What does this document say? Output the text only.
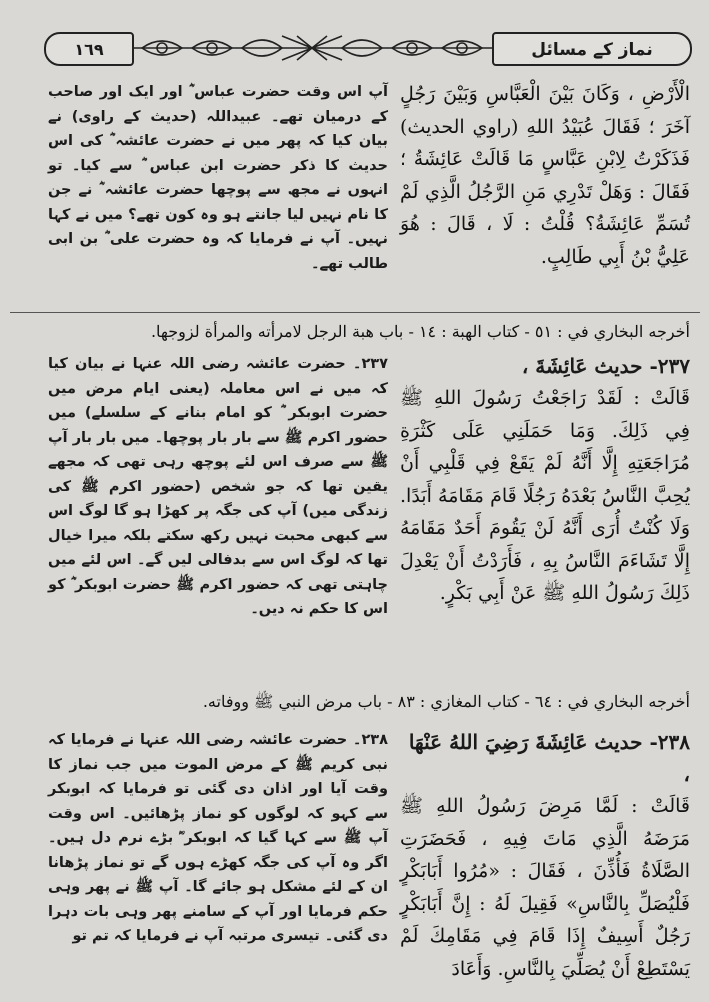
١٦٩	نماز کے مسائل
الْأَرْضِ ، وَكَانَ بَيْنَ الْعَبَّاسِ وَبَيْنَ رَجُلٍ آخَرَ ؛ فَقَالَ عُبَيْدُ اللهِ (راوي الحديث) فَذَكَرْتُ لِابْنِ عَبَّاسٍ مَا قَالَتْ عَائِشَةُ ؛ فَقَالَ : وَهَلْ تَدْرِي مَنِ الرَّجُلُ الَّذِي لَمْ تُسَمِّ عَائِشَةُ؟ قُلْتُ : لَا ، قَالَ : هُوَ عَلِيُّ بْنُ أَبِي طَالِبٍ.
آپ اس وقت حضرت عباس ؓ اور ایک اور صاحب کے درمیان تھے۔ عبیداللہ (حدیث کے راوی) نے بیان کیا کہ پھر میں نے حضرت عائشہ ؓ کی اس حدیث کا ذکر حضرت ابن عباس ؓ سے کیا۔ تو انہوں نے مجھ سے پوچھا حضرت عائشہ ؓ نے جن کا نام نہیں لیا جانتے ہو وہ کون تھے؟ میں نے کہا نہیں۔ آپ نے فرمایا کہ وہ حضرت علی ؓ بن ابی طالب تھے۔
أخرجه البخاري في : ٥١ - كتاب الهبة : ١٤ - باب هبة الرجل لامرأته والمرأة لزوجها.
٢٣٧- حديث عَائِشَةَ ،
قَالَتْ : لَقَدْ رَاجَعْتُ رَسُولَ اللهِ ﷺ فِي ذَلِكَ. وَمَا حَمَلَنِي عَلَى كَثْرَةِ مُرَاجَعَتِهِ إِلَّا أَنَّهُ لَمْ يَقَعْ فِي قَلْبِي أَنْ يُحِبَّ النَّاسُ بَعْدَهُ رَجُلًا قَامَ مَقَامَهُ أَبَدًا. وَلَا كُنْتُ أُرَى أَنَّهُ لَنْ يَقُومَ أَحَدٌ مَقَامَهُ إِلَّا تَشَاءَمَ النَّاسُ بِهِ ، فَأَرَدْتُ أَنْ يَعْدِلَ ذَلِكَ رَسُولُ اللهِ ﷺ عَنْ أَبِي بَكْرٍ.
٢٣٧۔ حضرت عائشہ رضی اللہ عنہا نے بیان کیا کہ میں نے اس معاملہ (یعنی ایام مرض میں حضرت ابوبکر ؓ کو امام بنانے کے سلسلے) میں حضور اکرم ﷺ سے بار بار پوچھا۔ میں بار بار آپ ﷺ سے صرف اس لئے پوچھ رہی تھی کہ مجھے یقین تھا کہ جو شخص (حضور اکرم ﷺ کی زندگی میں) آپ کی جگہ پر کھڑا ہو گا لوگ اس سے کبھی محبت نہیں رکھ سکتے بلکہ میرا خیال تھا کہ لوگ اس سے بدفالی لیں گے۔ اس لئے میں چاہتی تھی کہ حضور اکرم ﷺ حضرت ابوبکر ؓ کو اس کا حکم نہ دیں۔
أخرجه البخاري في : ٦٤ - كتاب المغازي : ٨٣ - باب مرض النبي ﷺ ووفاته.
٢٣٨- حديث عَائِشَةَ رَضِيَ اللهُ عَنْهَا ،
قَالَتْ : لَمَّا مَرِضَ رَسُولُ اللهِ ﷺ مَرَضَهُ الَّذِي مَاتَ فِيهِ ، فَحَضَرَتِ الصَّلَاةُ فَأُذِّنَ ، فَقَالَ : «مُرُوا أَبَابَكْرٍ فَلْيُصَلِّ بِالنَّاسِ» فَقِيلَ لَهُ : إِنَّ أَبَابَكْرٍ رَجُلٌ أَسِيفٌ إِذَا قَامَ فِي مَقَامِكَ لَمْ يَسْتَطِعْ أَنْ يُصَلِّيَ بِالنَّاسِ. وَأَعَادَ
٢٣٨۔ حضرت عائشہ رضی اللہ عنہا نے فرمایا کہ نبی کریم ﷺ کے مرض الموت میں جب نماز کا وقت آیا اور اذان دی گئی تو فرمایا کہ ابوبکر سے کہو کہ لوگوں کو نماز پڑھائیں۔ اس وقت آپ ﷺ سے کہا گیا کہ ابوبکر ؓ بڑے نرم دل ہیں۔ اگر وہ آپ کی جگہ کھڑے ہوں گے تو نماز پڑھانا ان کے لئے مشکل ہو جائے گا۔ آپ ﷺ نے پھر وہی حکم فرمایا اور آپ کے سامنے پھر وہی بات دہرا دی گئی۔ تیسری مرتبہ آپ نے فرمایا کہ تم تو
